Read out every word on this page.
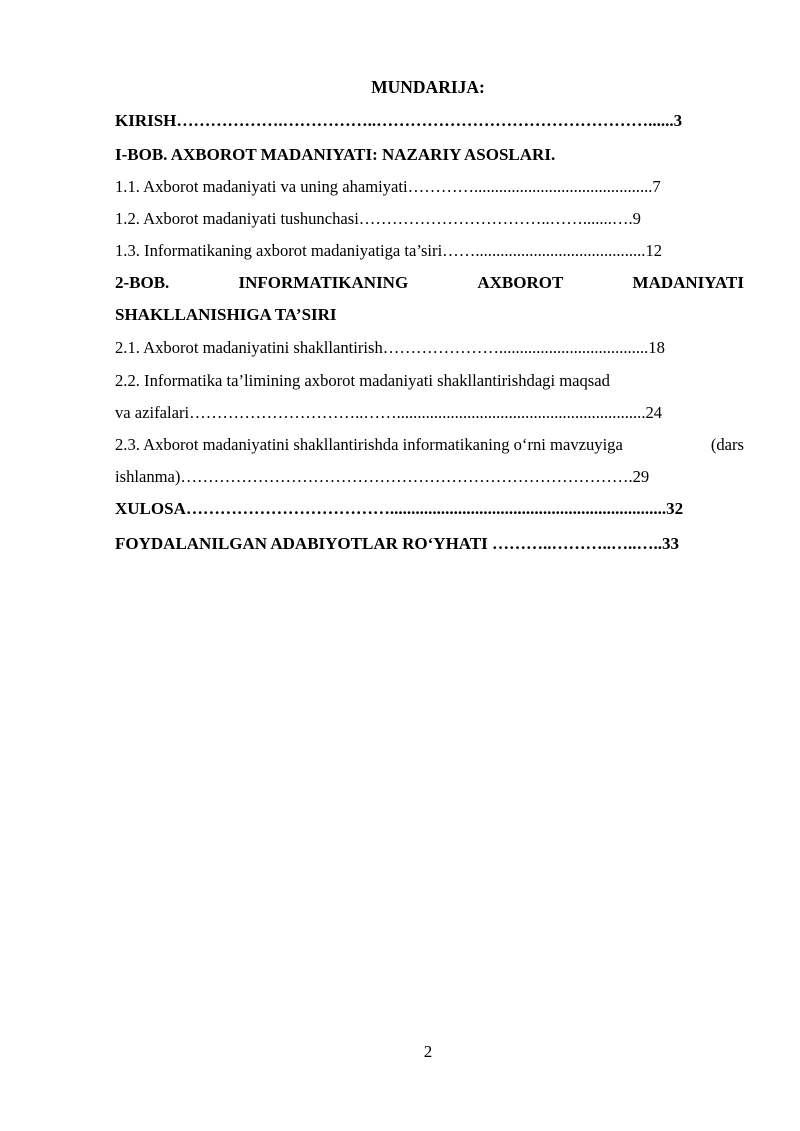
MUNDARIJA:
KIRISH……………….……………..…………………………………………......3
I-BOB. AXBOROT MADANIYATI: NAZARIY ASOSLARI.
1.1. Axborot madaniyati va uning ahamiyati…………...........................................7
1.2. Axborot madaniyati tushunchasi……………………………..…….......….9
1.3. Informatikaning axborot madaniyatiga ta’siri…….........................................12
2-BOB.	INFORMATIKANING	AXBOROT	MADANIYATI
SHAKLLANISHIGA TA’SIRI
2.1. Axborot madaniyatini shakllantirish…………………....................................18
2.2. Informatika ta’limining axborot madaniyati shakllantirishdagi maqsad
va azifalari…………………………..……............................................................24
2.3. Axborot madaniyatini shakllantirishda informatikaning o‘rni mavzuyiga	(dars
ishlanma)……………………………………………………………………….29
XULOSA……………………………….................................................................32
FOYDALANILGAN ADABIYOTLAR RO‘YHATI ………..………..…..…..33
2
